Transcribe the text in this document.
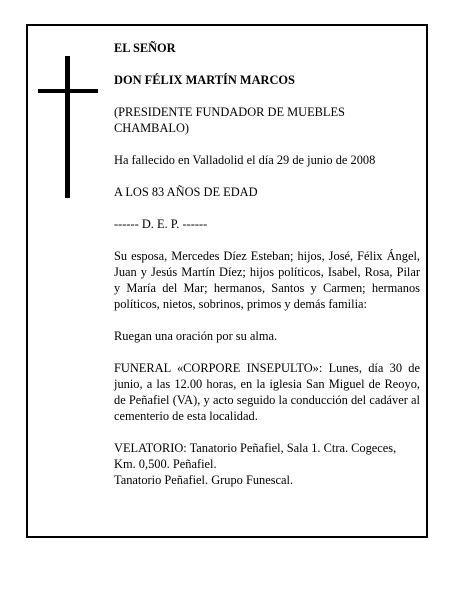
EL SEÑOR

DON FÉLIX MARTÍN MARCOS

(PRESIDENTE FUNDADOR DE MUEBLES CHAMBALO)

Ha fallecido en Valladolid el día 29 de junio de 2008

A LOS 83 AÑOS DE EDAD

------ D. E. P. ------

Su esposa, Mercedes Díez Esteban; hijos, José, Félix Ángel, Juan y Jesús Martín Díez; hijos políticos, Isabel, Rosa, Pilar y María del Mar; hermanos, Santos y Carmen; hermanos políticos, nietos, sobrinos, primos y demás familia:

Ruegan una oración por su alma.

FUNERAL «CORPORE INSEPULTO»: Lunes, día 30 de junio, a las 12.00 horas, en la iglesia San Miguel de Reoyo, de Peñafiel (VA), y acto seguido la conducción del cadáver al cementerio de esta localidad.

VELATORIO: Tanatorio Peñafiel, Sala 1. Ctra. Cogeces, Km. 0,500. Peñafiel.
Tanatorio Peñafiel. Grupo Funescal.
